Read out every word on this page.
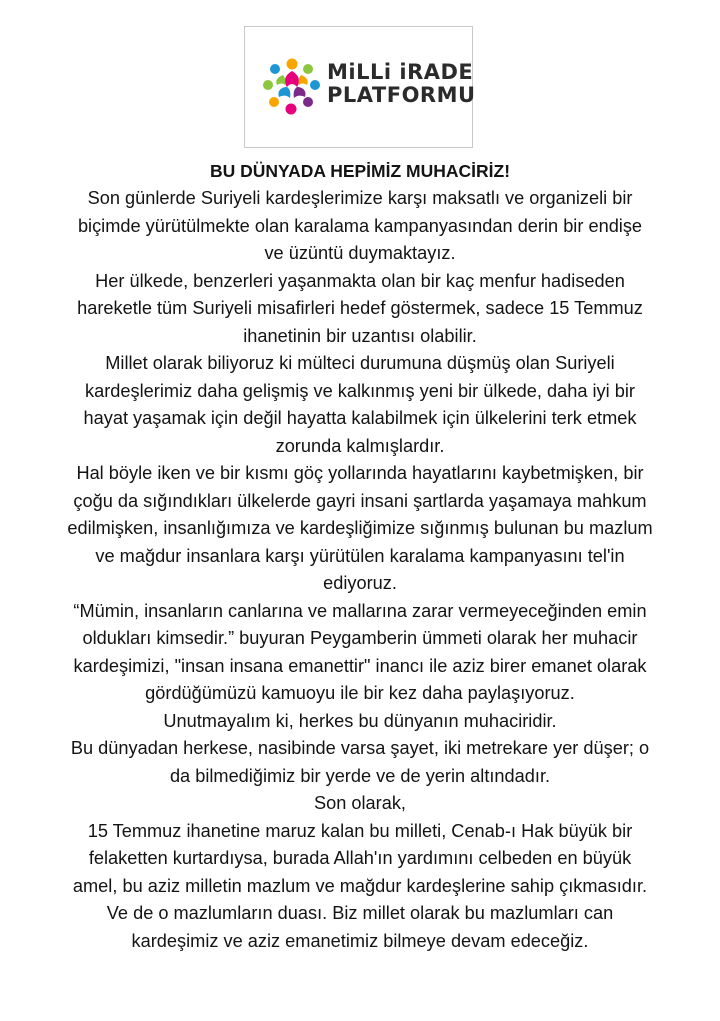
MiLLi iRADE
PLATFORMU

BU DÜNYADA HEPİMİZ MUHACİRİZ!

Son günlerde Suriyeli kardeşlerimize karşı maksatlı ve organizeli bir
biçimde yürütülmekte olan karalama kampanyasından derin bir endişe
ve üzüntü duymaktayız.

Her ülkede, benzerleri yaşanmakta olan bir kaç menfur hadiseden
hareketle tüm Suriyeli misafirleri hedef göstermek, sadece 15 Temmuz
ihanetinin bir uzantısı olabilir.

Millet olarak biliyoruz ki mülteci durumuna düşmüş olan Suriyeli
kardeşlerimiz daha gelişmiş ve kalkınmış yeni bir ülkede, daha iyi bir
hayat yaşamak için değil hayatta kalabilmek için ülkelerini terk etmek
zorunda kalmışlardır.

Hal böyle iken ve bir kısmı göç yollarında hayatlarını kaybetmişken, bir
çoğu da sığındıkları ülkelerde gayri insani şartlarda yaşamaya mahkum
edilmişken, insanlığımıza ve kardeşliğimize sığınmış bulunan bu mazlum
ve mağdur insanlara karşı yürütülen karalama kampanyasını tel'in
ediyoruz.

“Mümin, insanların canlarına ve mallarına zarar vermeyeceğinden emin
oldukları kimsedir.” buyuran Peygamberin ümmeti olarak her muhacir
kardeşimizi, "insan insana emanettir" inancı ile aziz birer emanet olarak
gördüğümüzü kamuoyu ile bir kez daha paylaşıyoruz.

Unutmayalım ki, herkes bu dünyanın muhaciridir.

Bu dünyadan herkese, nasibinde varsa şayet, iki metrekare yer düşer; o
da bilmediğimiz bir yerde ve de yerin altındadır.

Son olarak,

15 Temmuz ihanetine maruz kalan bu milleti, Cenab-ı Hak büyük bir
felaketten kurtardıysa, burada Allah'ın yardımını celbeden en büyük
amel, bu aziz milletin mazlum ve mağdur kardeşlerine sahip çıkmasıdır.
Ve de o mazlumların duası. Biz millet olarak bu mazlumları can
kardeşimiz ve aziz emanetimiz bilmeye devam edeceğiz.
